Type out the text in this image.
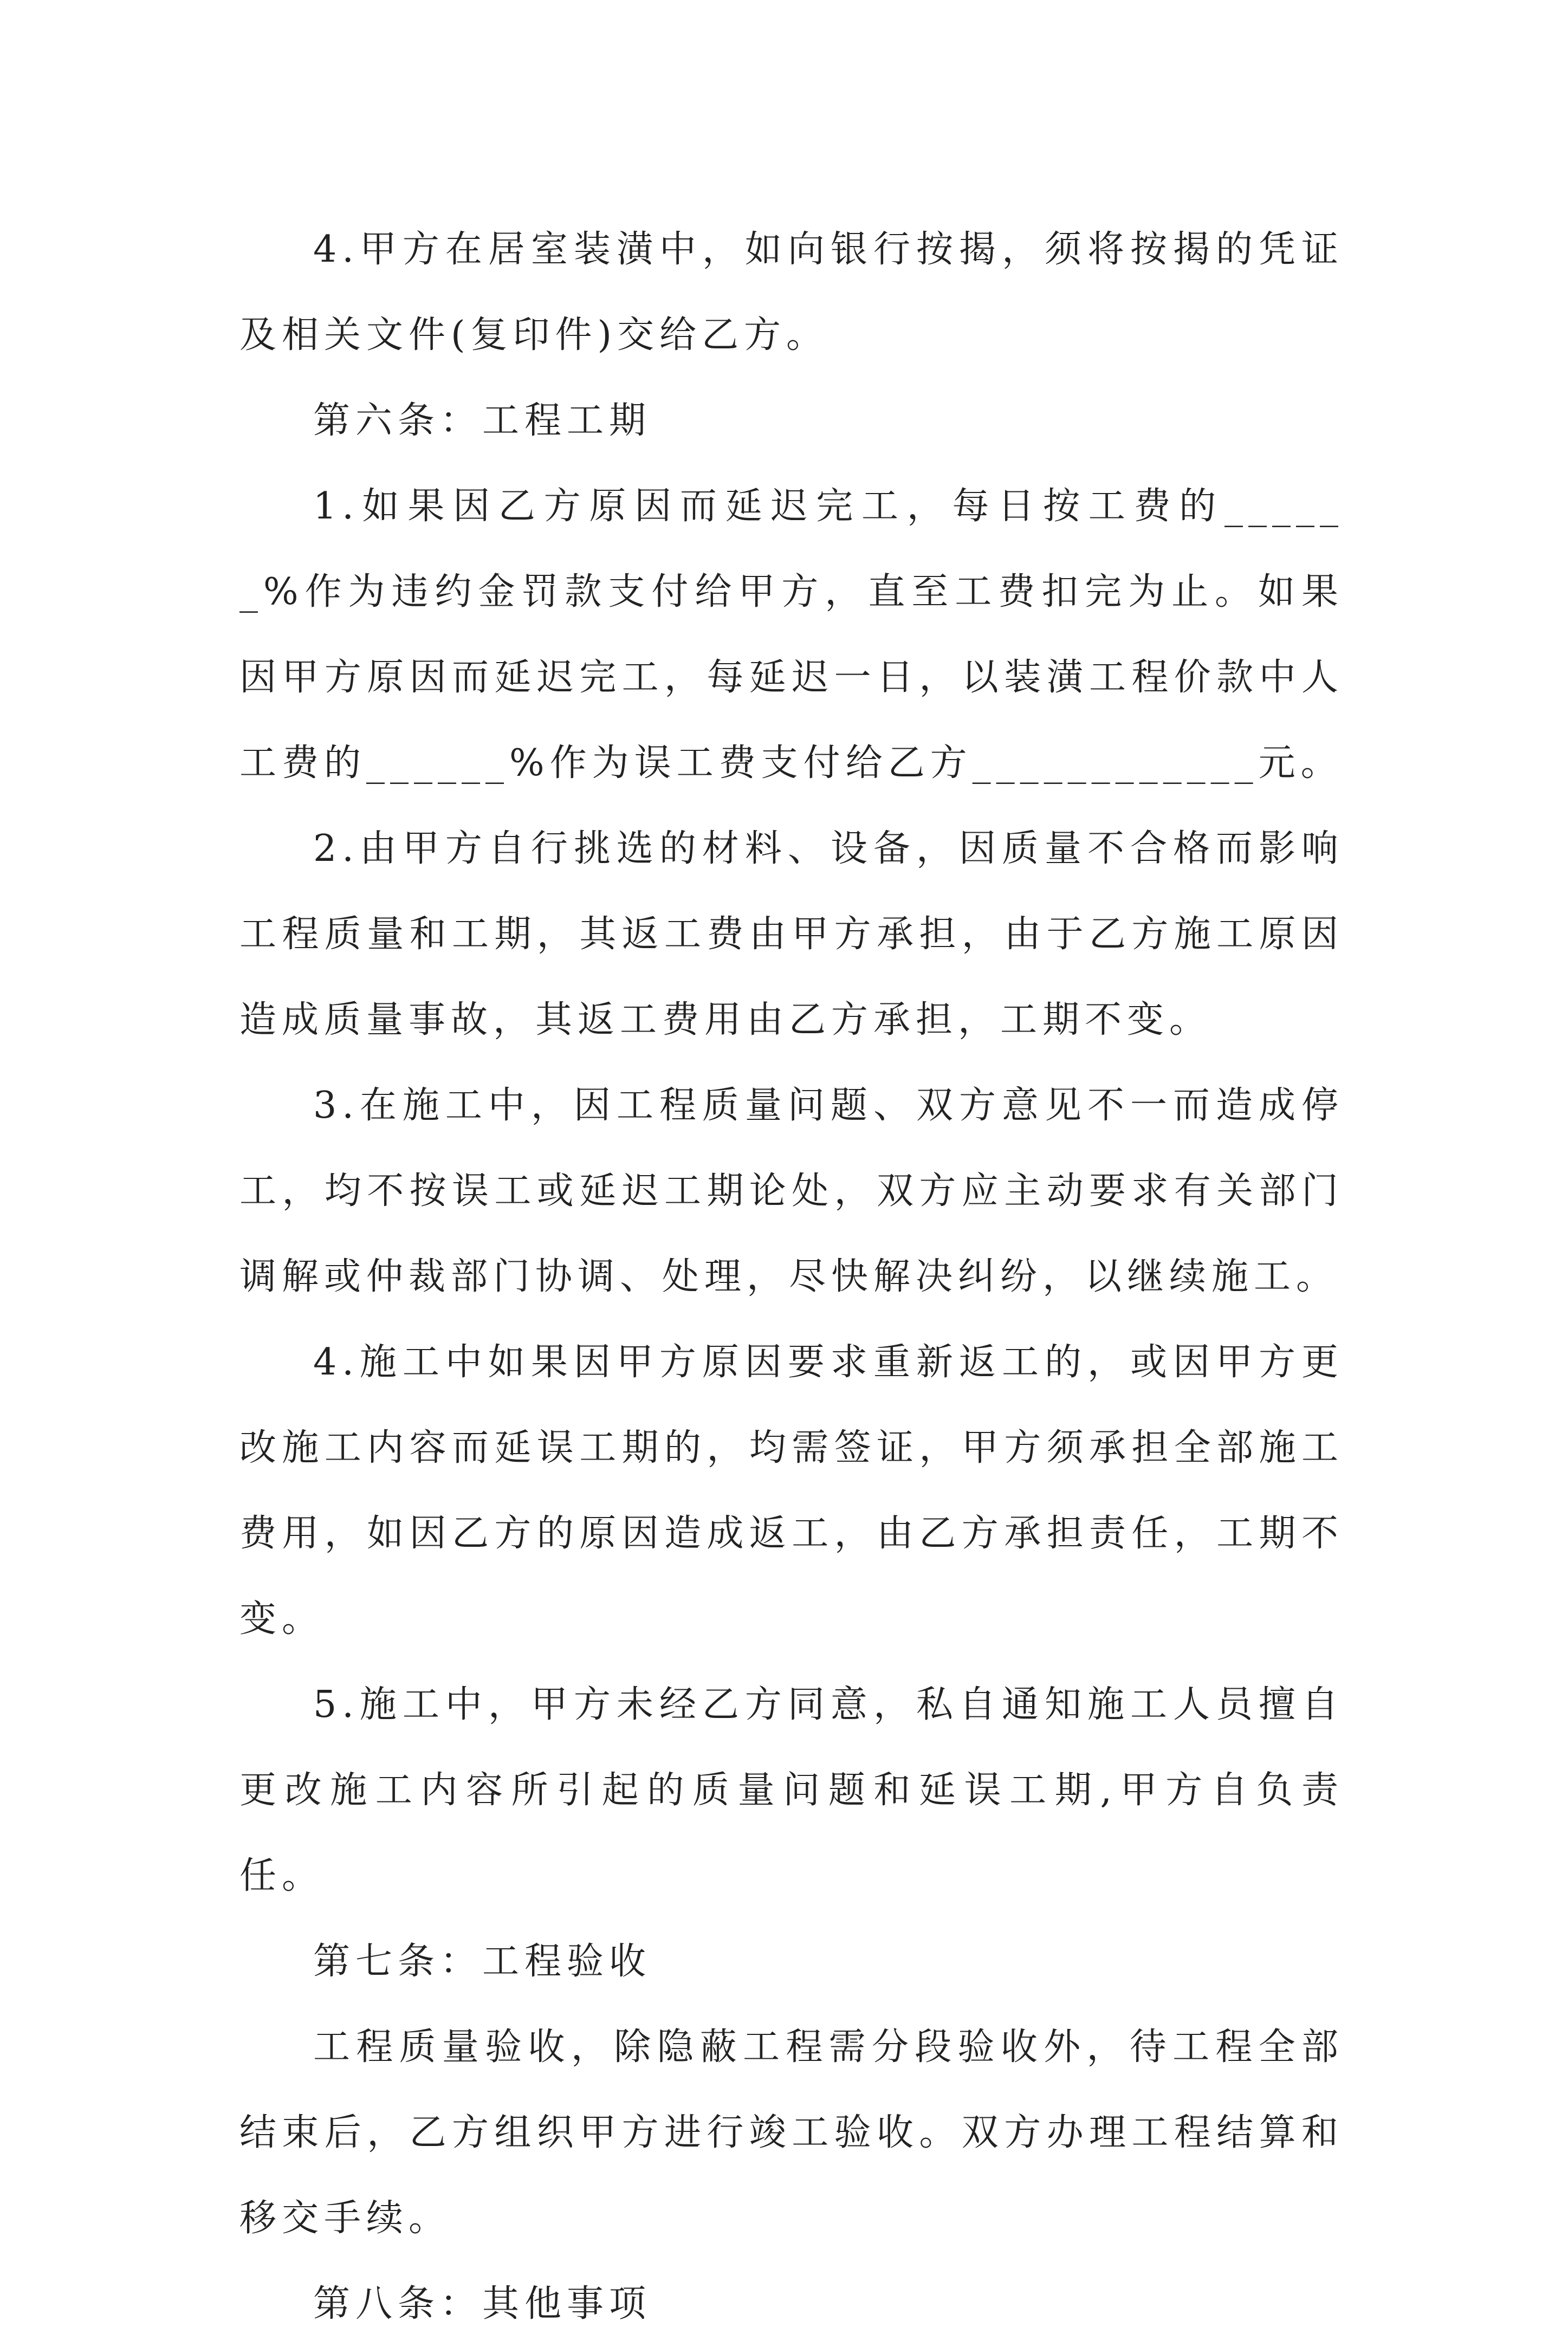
4.甲方在居室装潢中，如向银行按揭，须将按揭的凭证及相关文件(复印件)交给乙方。

第六条：工程工期

1.如果因乙方原因而延迟完工，每日按工费的______%作为违约金罚款支付给甲方，直至工费扣完为止。如果因甲方原因而延迟完工，每延迟一日，以装潢工程价款中人工费的______%作为误工费支付给乙方____________元。

2.由甲方自行挑选的材料、设备，因质量不合格而影响工程质量和工期，其返工费由甲方承担，由于乙方施工原因造成质量事故，其返工费用由乙方承担，工期不变。

3.在施工中，因工程质量问题、双方意见不一而造成停工，均不按误工或延迟工期论处，双方应主动要求有关部门调解或仲裁部门协调、处理，尽快解决纠纷，以继续施工。

4.施工中如果因甲方原因要求重新返工的，或因甲方更改施工内容而延误工期的，均需签证，甲方须承担全部施工费用，如因乙方的原因造成返工，由乙方承担责任，工期不变。

5.施工中，甲方未经乙方同意，私自通知施工人员擅自更改施工内容所引起的质量问题和延误工期,甲方自负责任。

第七条：工程验收

工程质量验收，除隐蔽工程需分段验收外，待工程全部结束后，乙方组织甲方进行竣工验收。双方办理工程结算和移交手续。

第八条：其他事项
